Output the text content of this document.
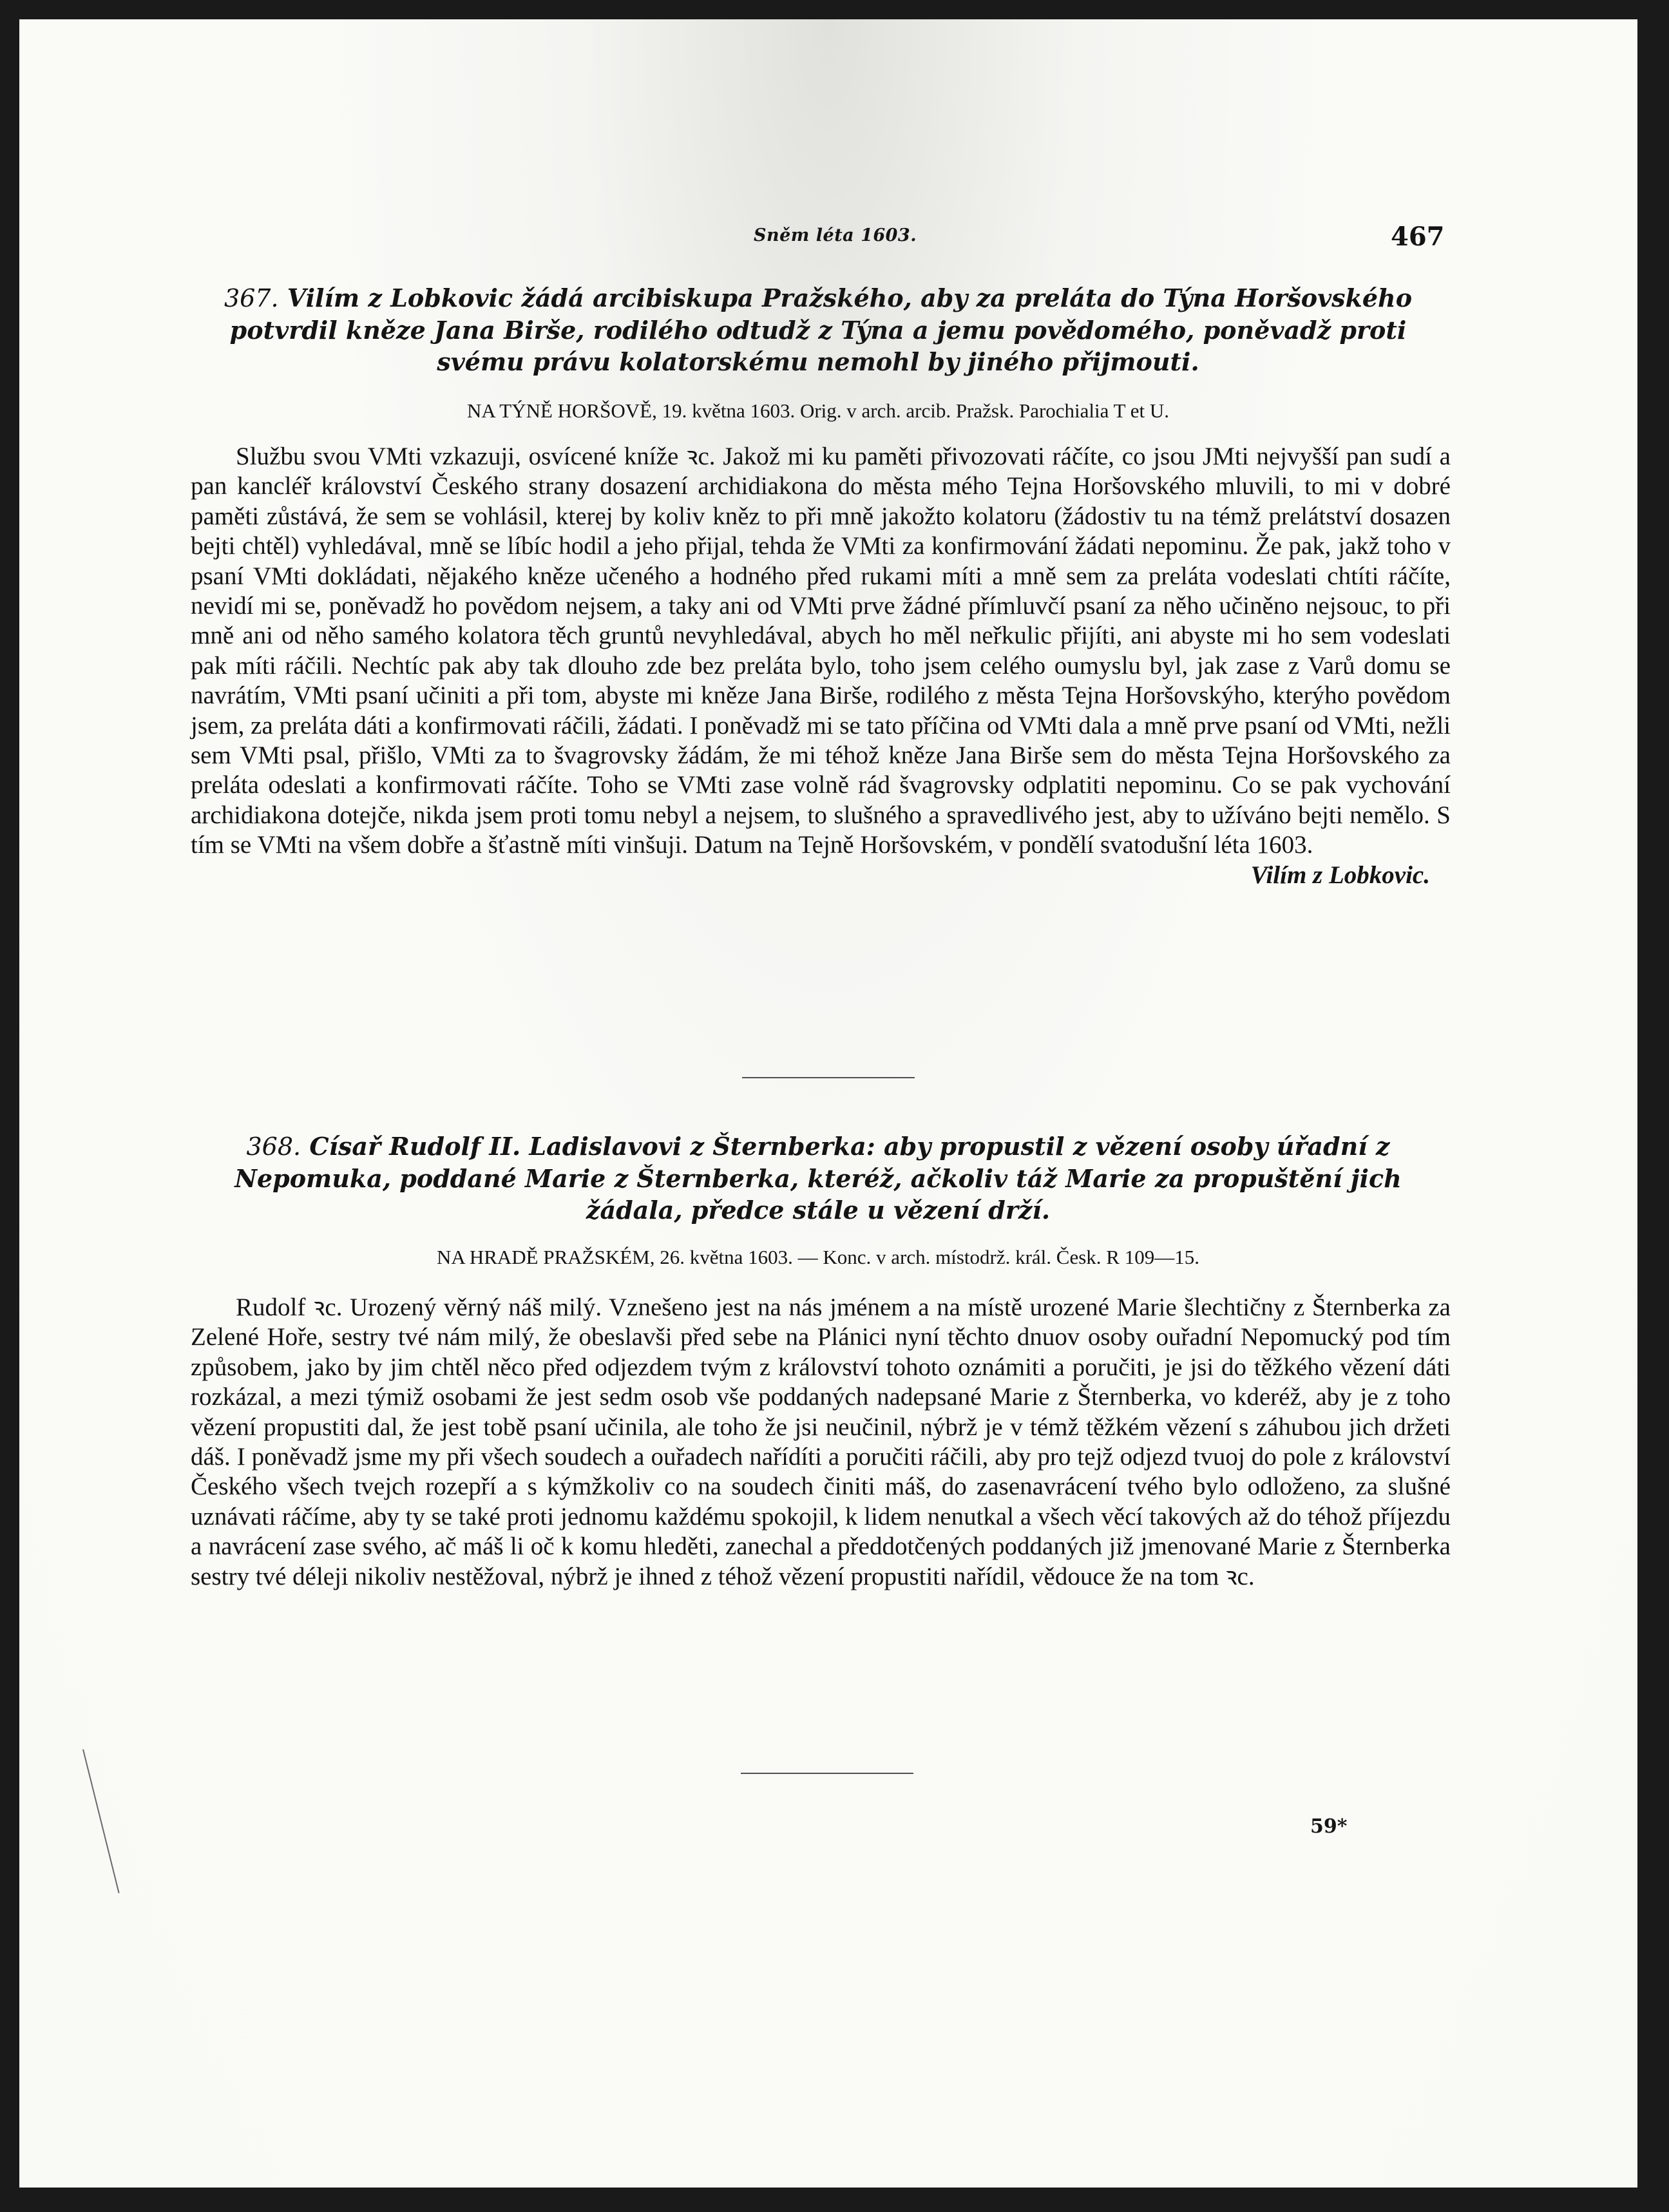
Sněm léta 1603.	467
367. Vilím z Lobkovic žádá arcibiskupa Pražského, aby za preláta do Týna Horšovského potvrdil kněze Jana Birše, rodilého odtudž z Týna a jemu povědomého, poněvadž proti svému právu kolatorskému nemohl by jiného přijmouti.
NA TÝNĚ HORŠOVĚ, 19. května 1603. Orig. v arch. arcib. Pražsk. Parochialia T et U.

Službu svou VMti vzkazuji, osvícené knížе ꝛc. Jakož mi ku paměti přivozovati ráčíte, co jsou JMti nejvyšší pan sudí a pan kancléř království Českého strany dosazení archidiakona do města mého Tejna Horšovského mluvili, to mi v dobré paměti zůstává, že sem se vohlásil, kterej by koliv kněz to při mně jakožto kolatoru (žádostiv tu na témž prelátství dosazen bejti chtěl) vyhledával, mně se líbíc hodil a jeho přijal, tehda že VMti za konfirmování žádati nepominu. Že pak, jakž toho v psaní VMti dokládati, nějakého kněze učeného a hodného před rukami míti a mně sem za preláta vodeslati chtíti ráčíte, nevidí mi se, poněvadž ho povědom nejsem, a taky ani od VMti prve žádné přímluvčí psaní za něho učiněno nejsouc, to při mně ani od něho samého kolatora těch gruntů nevyhledával, abych ho měl neřkulic přijíti, ani abyste mi ho sem vodeslati pak míti ráčili. Nechtíc pak aby tak dlouho zde bez preláta bylo, toho jsem celého oumyslu byl, jak zase z Varů domu se navrátím, VMti psaní učiniti a při tom, abyste mi kněze Jana Birše, rodilého z města Tejna Horšovskýho, kterýho povědom jsem, za preláta dáti a konfirmovati ráčili, žádati. I poněvadž mi se tato příčina od VMti dala a mně prve psaní od VMti, nežli sem VMti psal, přišlo, VMti za to švagrovsky žádám, že mi téhož kněze Jana Birše sem do města Tejna Horšovského za preláta odeslati a konfirmovati ráčíte. Toho se VMti zase volně rád švagrovsky odplatiti nepominu. Co se pak vychování archidiakona dotejče, nikda jsem proti tomu nebyl a nejsem, to slušného a spravedlivého jest, aby to užíváno bejti nemělo. S tím se VMti na všem dobře a šťastně míti vinšuji. Datum na Tejně Horšovském, v pondělí svatodušní léta 1603.
Vilím z Lobkovic.

368. Císař Rudolf II. Ladislavovi z Šternberka: aby propustil z vězení osoby úřadní z Nepomuka, poddané Marie z Šternberka, kteréž, ačkoliv táž Marie za propuštění jich žádala, předce stále u vězení drží.
NA HRADĚ PRAŽSKÉM, 26. května 1603. — Konc. v arch. místodrž. král. Česk. R 109—15.

Rudolf ꝛc. Urozený věrný náš milý. Vznešeno jest na nás jménem a na místě urozené Marie šlechtičny z Šternberka za Zelené Hoře, sestry tvé nám milý, že obeslavši před sebe na Plánici nyní těchto dnuov osoby ouřadní Nepomucký pod tím způsobem, jako by jim chtěl něco před odjezdem tvým z království tohoto oznámiti a poručiti, je jsi do těžkého vězení dáti rozkázal, a mezi týmiž osobami že jest sedm osob vše poddaných nadepsané Marie z Šternberka, vo kderéž, aby je z toho vězení propustiti dal, že jest tobě psaní učinila, ale toho že jsi neučinil, nýbrž je v témž těžkém vězení s záhubou jich držeti dáš. I poněvadž jsme my při všech soudech a ouřadech nařídíti a poručiti ráčili, aby pro tejž odjezd tvuoj do pole z království Českého všech tvejch rozepří a s kýmžkoliv co na soudech činiti máš, do zasenavrácení tvého bylo odloženo, za slušné uznávati ráčíme, aby ty se také proti jednomu každému spokojil, k lidem nenutkal a všech věcí takových až do téhož příjezdu a navrácení zase svého, ač máš li oč k komu hleděti, zanechal a předdotčených poddaných již jmenované Marie z Šternberka sestry tvé déleji nikoliv nestěžoval, nýbrž je ihned z téhož vězení propustiti nařídil, vědouce že na tom ꝛc.

59*
